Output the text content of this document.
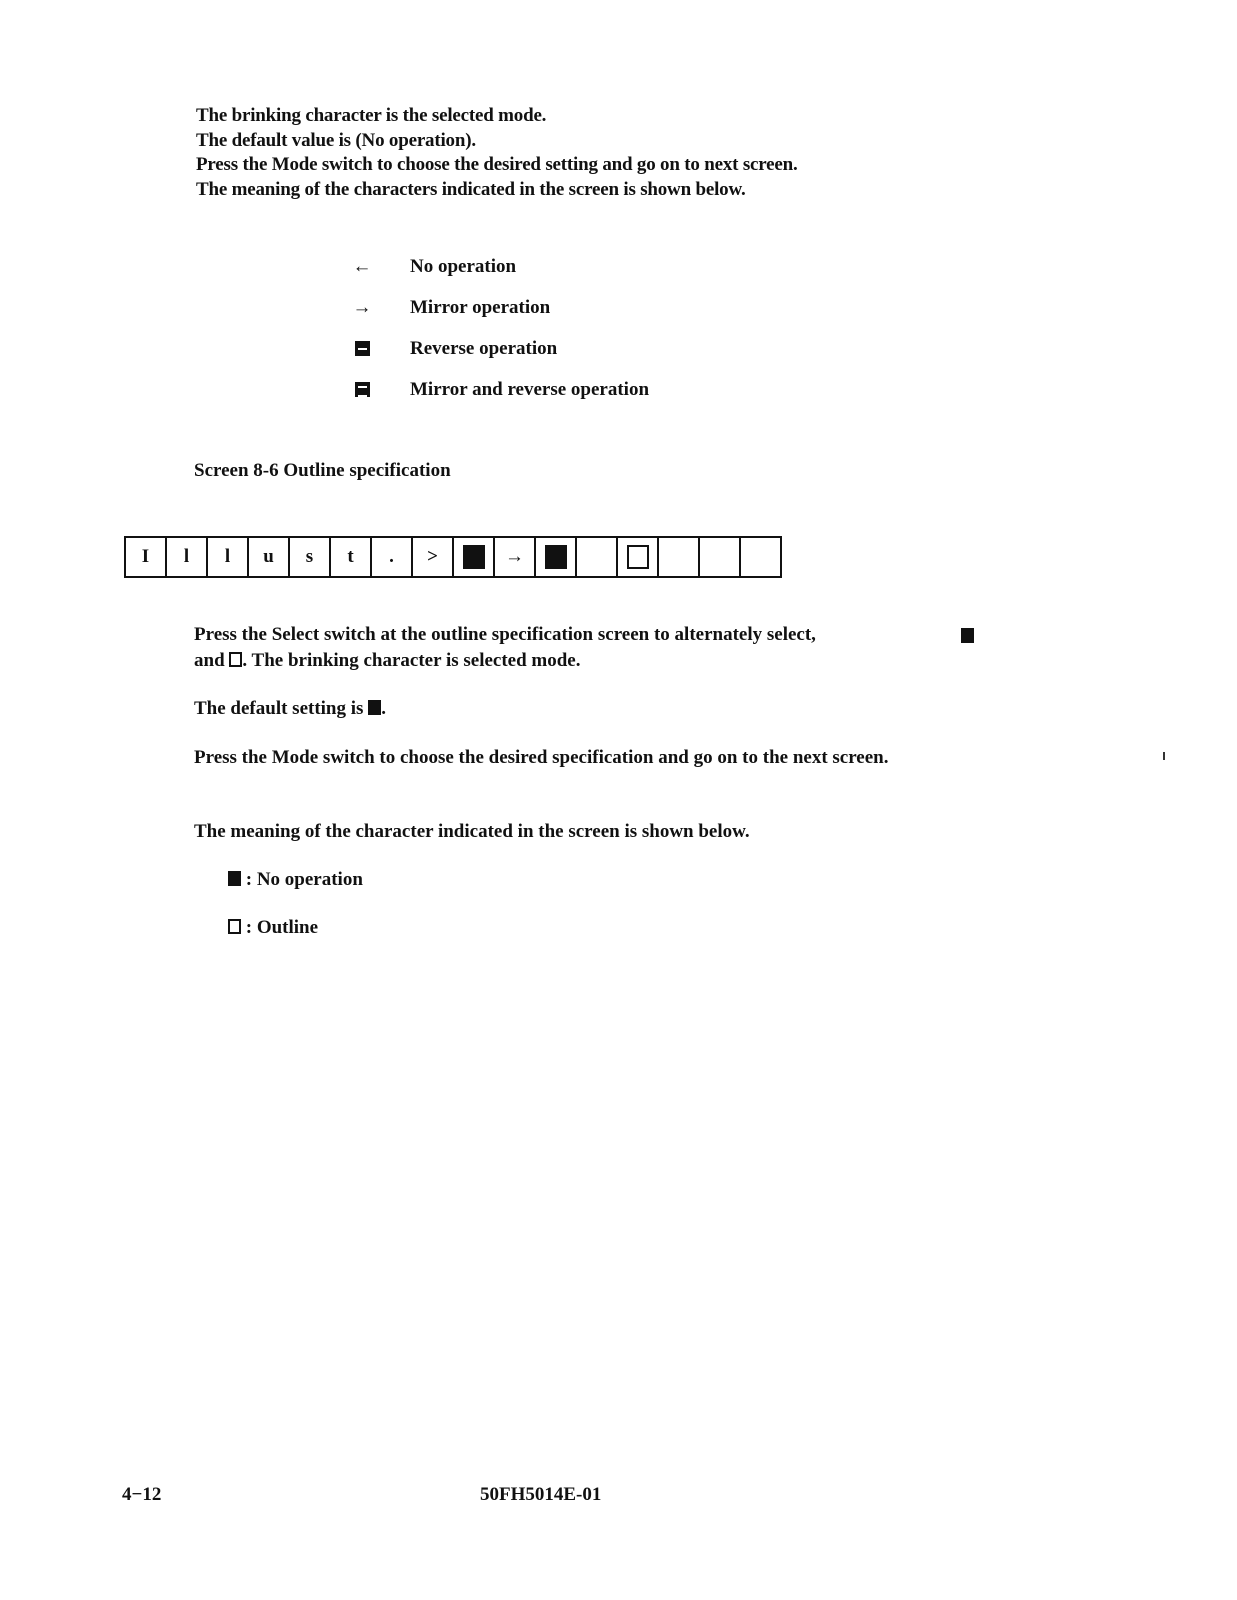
The brinking character is the selected mode.
The default value is (No operation).
Press the Mode switch to choose the desired setting and go on to next screen.
The meaning of the characters indicated in the screen is shown below.
← No operation
→ Mirror operation
Reverse operation
Mirror and reverse operation
Screen 8-6 Outline specification
I	l	l	u	s	t	.	>	→
Press the Select switch at the outline specification screen to alternately select,
and . The brinking character is selected mode.
The default setting is .
Press the Mode switch to choose the desired specification and go on to the next screen.
The meaning of the character indicated in the screen is shown below.
: No operation
: Outline
4−12	50FH5014E-01
